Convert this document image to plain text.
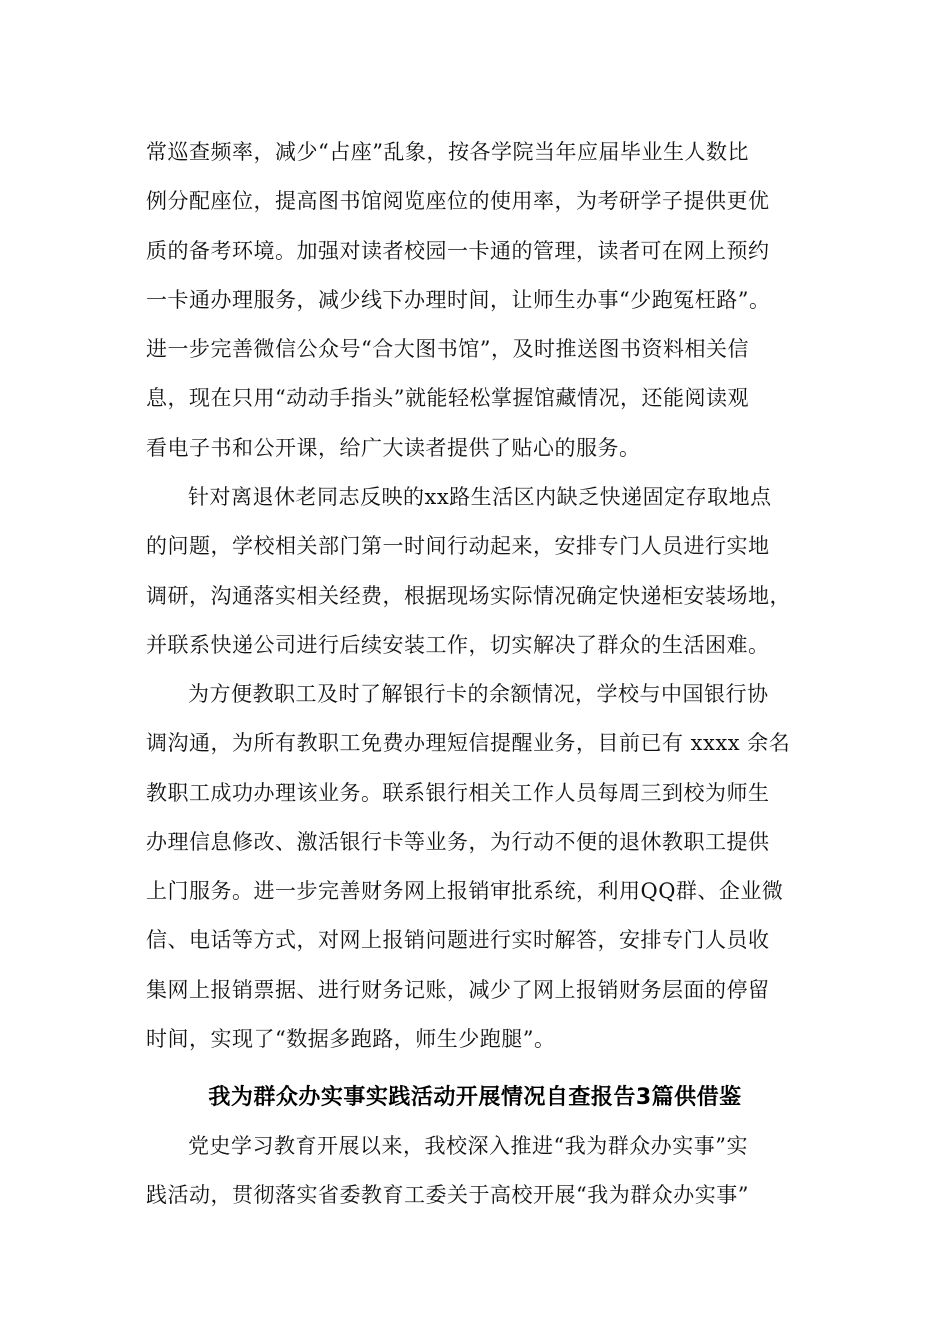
常巡查频率，减少“占座”乱象，按各学院当年应届毕业生人数比
例分配座位，提高图书馆阅览座位的使用率，为考研学子提供更优
质的备考环境。加强对读者校园一卡通的管理，读者可在网上预约
一卡通办理服务，减少线下办理时间，让师生办事“少跑冤枉路”。
进一步完善微信公众号“合大图书馆”，及时推送图书资料相关信
息，现在只用“动动手指头”就能轻松掌握馆藏情况，还能阅读观
看电子书和公开课，给广大读者提供了贴心的服务。
针对离退休老同志反映的xx路生活区内缺乏快递固定存取地点
的问题，学校相关部门第一时间行动起来，安排专门人员进行实地
调研，沟通落实相关经费，根据现场实际情况确定快递柜安装场地，
并联系快递公司进行后续安装工作，切实解决了群众的生活困难。
为方便教职工及时了解银行卡的余额情况，学校与中国银行协
调沟通，为所有教职工免费办理短信提醒业务，目前已有 xxxx 余名
教职工成功办理该业务。联系银行相关工作人员每周三到校为师生
办理信息修改、激活银行卡等业务，为行动不便的退休教职工提供
上门服务。进一步完善财务网上报销审批系统，利用QQ群、企业微
信、电话等方式，对网上报销问题进行实时解答，安排专门人员收
集网上报销票据、进行财务记账，减少了网上报销财务层面的停留
时间，实现了“数据多跑路，师生少跑腿”。
我为群众办实事实践活动开展情况自查报告3篇供借鉴
党史学习教育开展以来，我校深入推进“我为群众办实事”实
践活动，贯彻落实省委教育工委关于高校开展“我为群众办实事”
